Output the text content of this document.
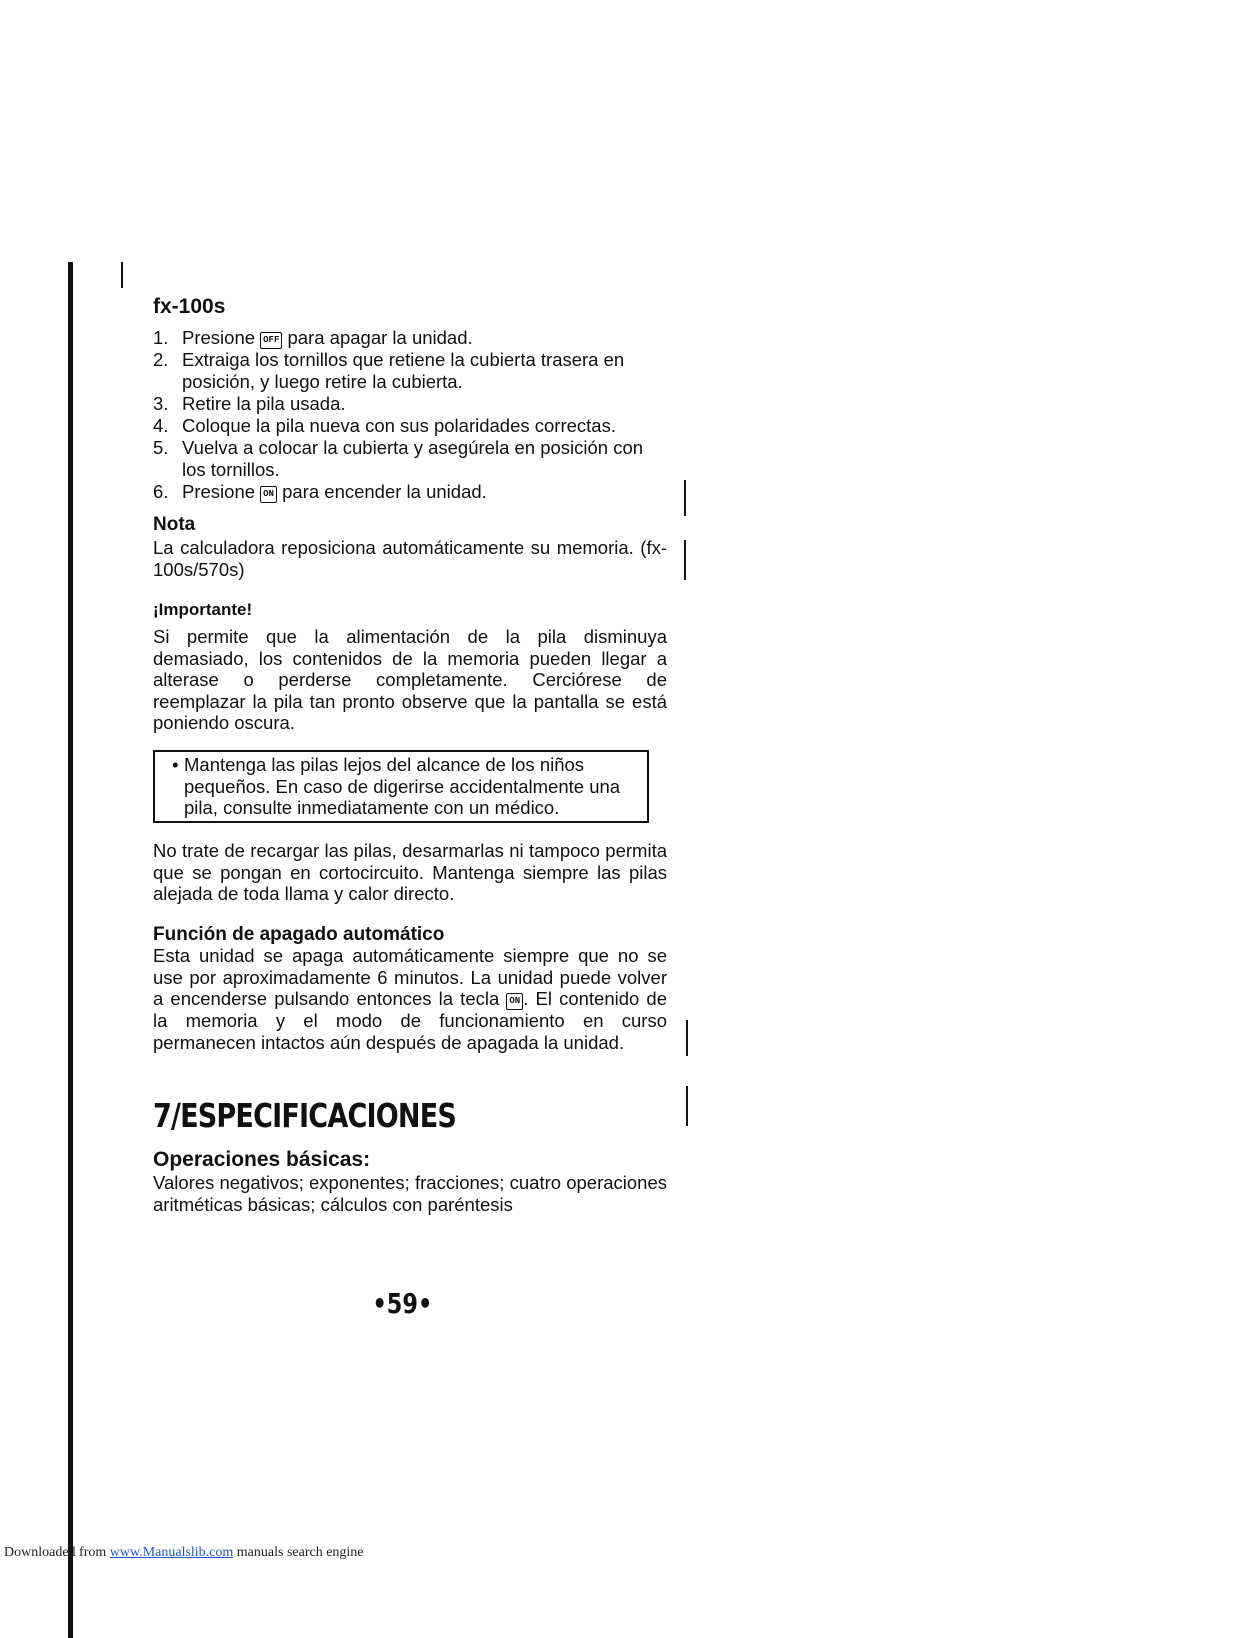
fx-100s
1. Presione OFF para apagar la unidad.
2. Extraiga los tornillos que retiene la cubierta trasera en posición, y luego retire la cubierta.
3. Retire la pila usada.
4. Coloque la pila nueva con sus polaridades correctas.
5. Vuelva a colocar la cubierta y asegúrela en posición con los tornillos.
6. Presione ON para encender la unidad.
Nota
La calculadora reposiciona automáticamente su memoria. (fx-100s/570s)
¡Importante!
Si permite que la alimentación de la pila disminuya demasiado, los contenidos de la memoria pueden llegar a alterase o perderse completamente. Cerciórese de reemplazar la pila tan pronto observe que la pantalla se está poniendo oscura.
• Mantenga las pilas lejos del alcance de los niños pequeños. En caso de digerirse accidentalmente una pila, consulte inmediatamente con un médico.
No trate de recargar las pilas, desarmarlas ni tampoco permita que se pongan en cortocircuito. Mantenga siempre las pilas alejada de toda llama y calor directo.
Función de apagado automático
Esta unidad se apaga automáticamente siempre que no se use por aproximadamente 6 minutos. La unidad puede volver a encenderse pulsando entonces la tecla ON . El contenido de la memoria y el modo de funcionamiento en curso permanecen intactos aún después de apagada la unidad.
7/ESPECIFICACIONES
Operaciones básicas:
Valores negativos; exponentes; fracciones; cuatro operaciones aritméticas básicas; cálculos con paréntesis
•59•
Downloaded from www.Manualslib.com manuals search engine
